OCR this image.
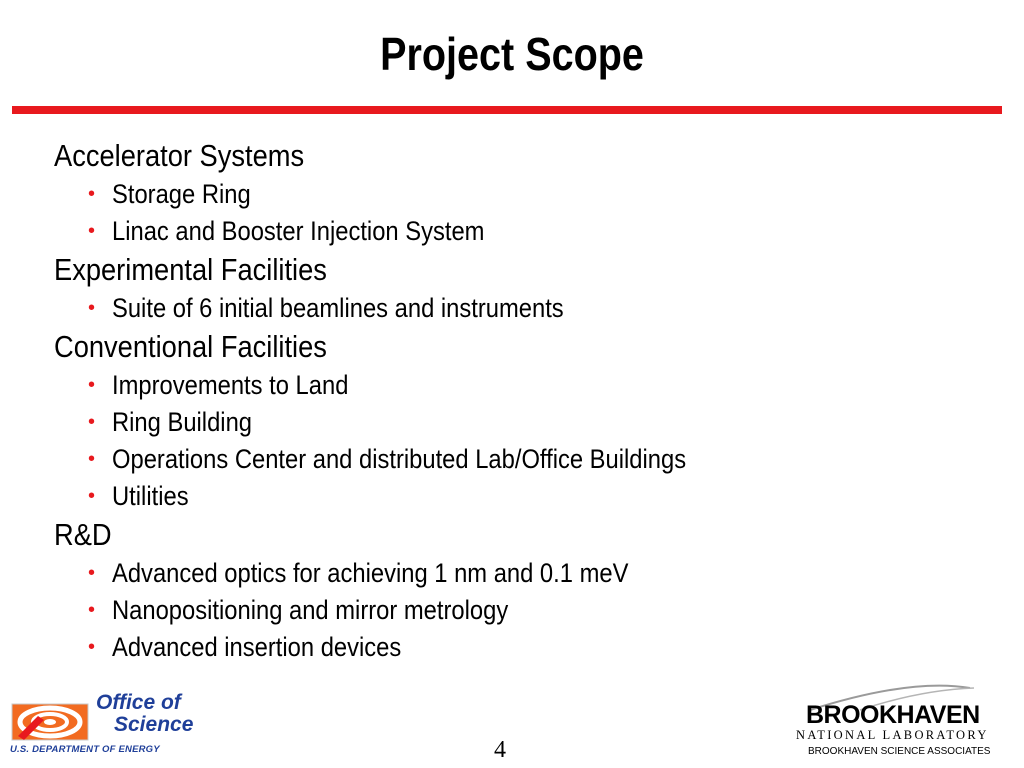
Project Scope
Accelerator Systems
• Storage Ring
• Linac and Booster Injection System
Experimental Facilities
• Suite of 6 initial beamlines and instruments
Conventional Facilities
• Improvements to Land
• Ring Building
• Operations Center and distributed Lab/Office Buildings
• Utilities
R&D
• Advanced optics for achieving 1 nm and 0.1 meV
• Nanopositioning and mirror metrology
• Advanced insertion devices
Office of
Science
U.S. DEPARTMENT OF ENERGY	4
BROOKHAVEN
NATIONAL LABORATORY
BROOKHAVEN SCIENCE ASSOCIATES
